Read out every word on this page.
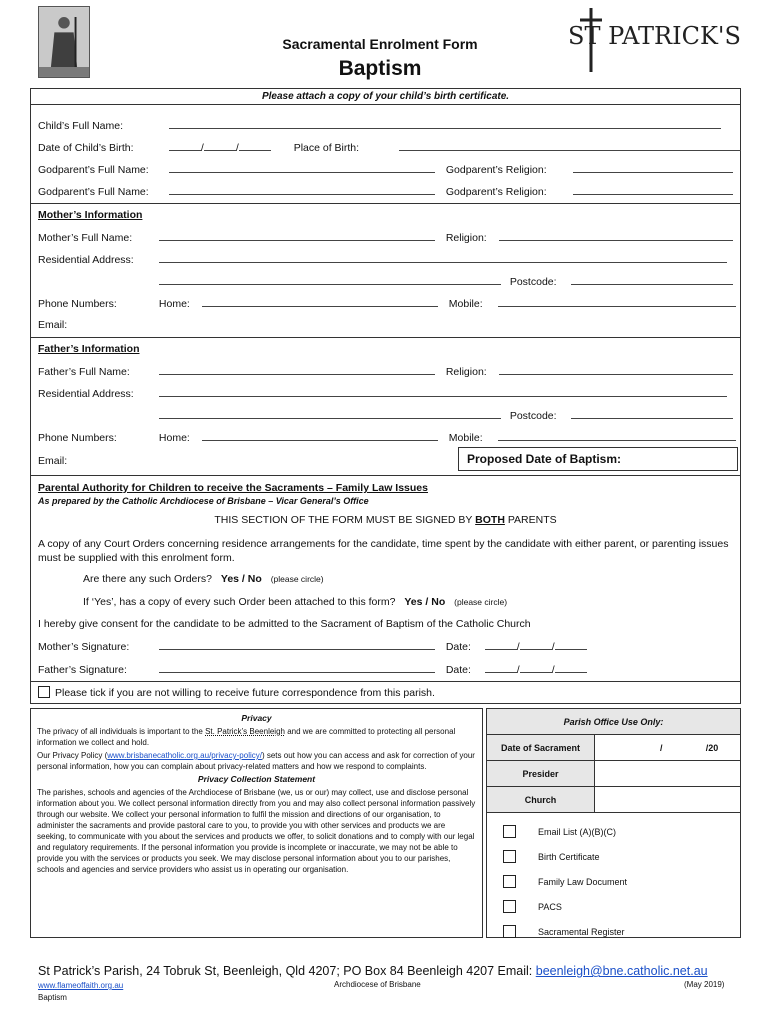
Sacramental Enrolment Form
Baptism
ST PATRICK'S
Please attach a copy of your child’s birth certificate.
Child’s Full Name:
Date of Child’s Birth:	/	/	Place of Birth:
Godparent’s Full Name:	Godparent’s Religion:
Godparent’s Full Name:	Godparent’s Religion:
Mother’s Information
Mother’s Full Name:	Religion:
Residential Address:
Postcode:
Phone Numbers:	Home:	Mobile:
Email:
Father’s Information
Father’s Full Name:	Religion:
Residential Address:
Postcode:
Phone Numbers:	Home:	Mobile:
Email:	Proposed Date of Baptism:
Parental Authority for Children to receive the Sacraments – Family Law Issues
As prepared by the Catholic Archdiocese of Brisbane – Vicar General’s Office
THIS SECTION OF THE FORM MUST BE SIGNED BY BOTH PARENTS
A copy of any Court Orders concerning residence arrangements for the candidate, time spent by the candidate with either parent, or parenting issues must be supplied with this enrolment form.
Are there any such Orders? Yes / No (please circle)
If ‘Yes’, has a copy of every such Order been attached to this form? Yes / No (please circle)
I hereby give consent for the candidate to be admitted to the Sacrament of Baptism of the Catholic Church
Mother’s Signature:	Date:	/	/
Father’s Signature:	Date:	/	/
Please tick if you are not willing to receive future correspondence from this parish.
Privacy

The privacy of all individuals is important to the St. Patrick’s Beenleigh and we are committed to protecting all personal information we collect and hold.

Our Privacy Policy (www.brisbanecatholic.org.au/privacy-policy/) sets out how you can access and ask for correction of your personal information, how you can complain about privacy-related matters and how we respond to complaints.

Privacy Collection Statement

The parishes, schools and agencies of the Archdiocese of Brisbane (we, us or our) may collect, use and disclose personal information about you. We collect personal information directly from you and may also collect personal information passively through our website. We collect your personal information to fulfil the mission and directions of our organisation, to administer the sacraments and provide pastoral care to you, to provide you with other services and products we are seeking, to communicate with you about the services and products we offer, to solicit donations and to comply with our legal and regulatory requirements. If the personal information you provide is incomplete or inaccurate, we may not be able to provide you with the services or products you seek. We may disclose personal information about you to our parishes, schools and agencies and service providers who assist us in operating our organisation.

Parish Office Use Only:
Date of Sacrament	/	/20
Presider
Church
Email List (A)(B)(C)
Birth Certificate
Family Law Document
PACS
Sacramental Register
St Patrick’s Parish, 24 Tobruk St, Beenleigh, Qld 4207; PO Box 84 Beenleigh 4207 Email: beenleigh@bne.catholic.net.au
www.flameoffaith.org.au
Baptism
Archdiocese of Brisbane	(May 2019)
